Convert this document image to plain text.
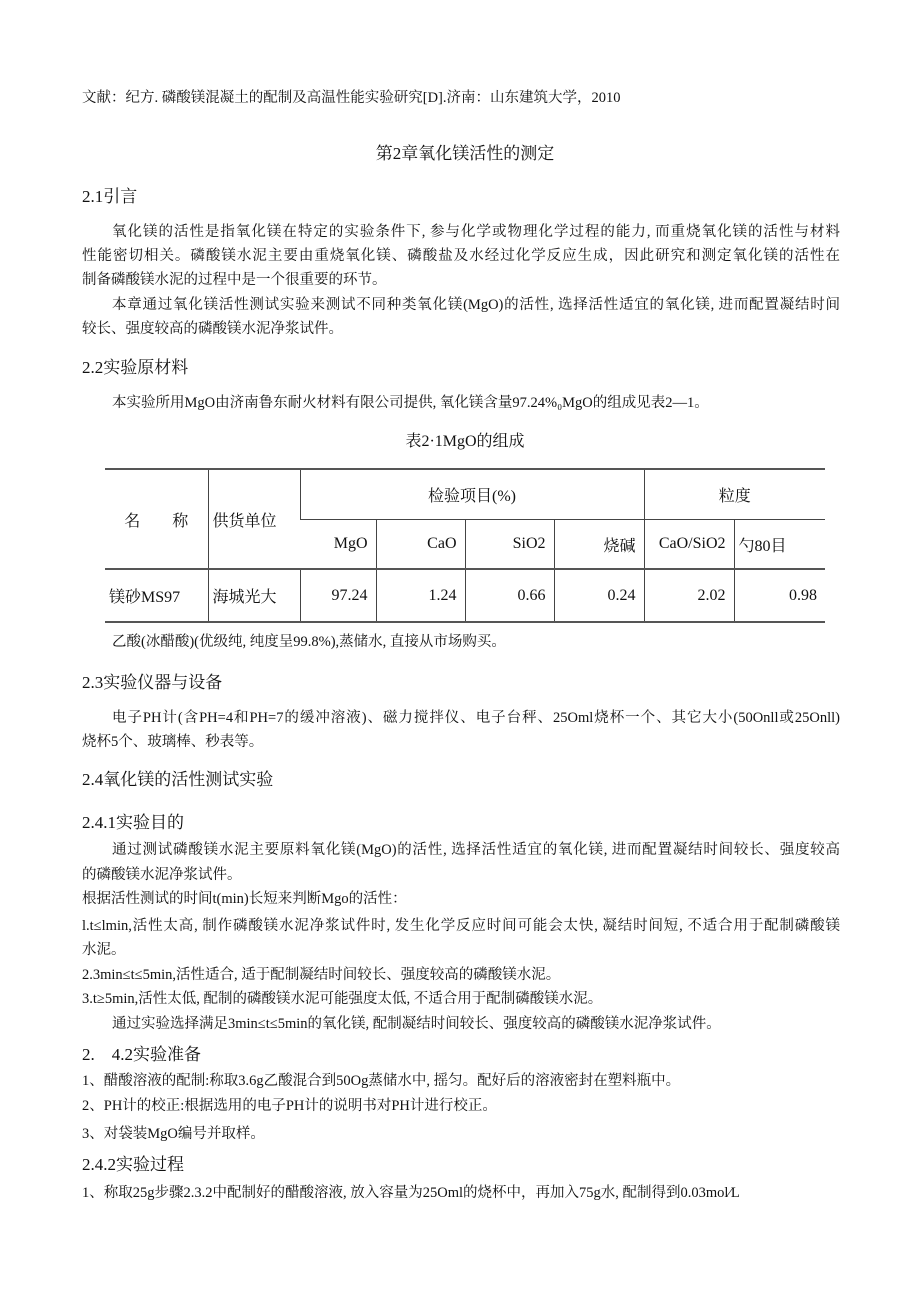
文献：纪方. 磷酸镁混凝土的配制及高温性能实验研究[D].济南：山东建筑大学，2010
第2章氧化镁活性的测定
2.1引言
氧化镁的活性是指氧化镁在特定的实验条件下, 参与化学或物理化学过程的能力, 而重烧氧化镁的活性与材料
性能密切相关。磷酸镁水泥主要由重烧氧化镁、磷酸盐及水经过化学反应生成，因此研究和测定氧化镁的活性在
制备磷酸镁水泥的过程中是一个很重要的环节。
本章通过氧化镁活性测试实验来测试不同种类氧化镁(MgO)的活性, 选择活性适宜的氧化镁, 进而配置凝结时间
较长、强度较高的磷酸镁水泥净浆试件。
2.2实验原材料
本实验所用MgO由济南鲁东耐火材料有限公司提供, 氧化镁含量97.24%₀MgO的组成见表2—1。
表2·1MgO的组成
名　　称	供货单位	检验项目(%)				粒度	
		MgO	CaO	SiO2	烧碱	CaO/SiO2	勺80目
镁砂MS97	海城光大	97.24	1.24	0.66	0.24	2.02	0.98
乙酸(冰醋酸)(优级纯, 纯度呈99.8%),蒸储水, 直接从市场购买。
2.3实验仪器与设备
电子PH计(含PH=4和PH=7的缓冲溶液)、磁力搅拌仪、电子台秤、25Oml烧杯一个、其它大小(50Onll或25Onll)
烧杯5个、玻璃棒、秒表等。
2.4氧化镁的活性测试实验
2.4.1实验目的
通过测试磷酸镁水泥主要原料氧化镁(MgO)的活性, 选择活性适宜的氧化镁, 进而配置凝结时间较长、强度较高
的磷酸镁水泥净浆试件。
根据活性测试的时间t(min)长短来判断Mgo的活性：
l.t≤lmin,活性太高, 制作磷酸镁水泥净浆试件时, 发生化学反应时间可能会太快, 凝结时间短, 不适合用于配制磷酸镁
水泥。
2.3min≤t≤5min,活性适合, 适于配制凝结时间较长、强度较高的磷酸镁水泥。
3.t≥5min,活性太低, 配制的磷酸镁水泥可能强度太低, 不适合用于配制磷酸镁水泥。
通过实验选择满足3min≤t≤5min的氧化镁, 配制凝结时间较长、强度较高的磷酸镁水泥净浆试件。
2.　4.2实验准备
1、醋酸溶液的配制:称取3.6g乙酸混合到50Og蒸储水中, 摇匀。配好后的溶液密封在塑料瓶中。
2、PH计的校正:根据选用的电子PH计的说明书对PH计进行校正。
3、对袋装MgO编号并取样。
2.4.2实验过程
1、称取25g步骤2.3.2中配制好的醋酸溶液, 放入容量为25Oml的烧杯中，再加入75g水, 配制得到0.03mol⁄L
